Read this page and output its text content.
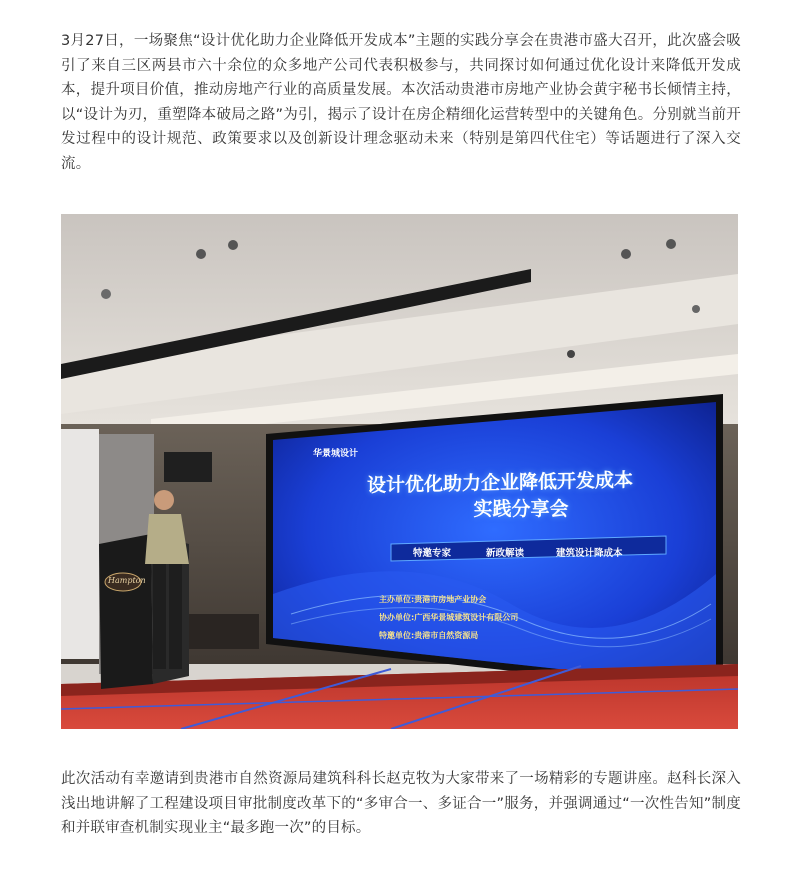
3月27日，一场聚焦“设计优化助力企业降低开发成本”主题的实践分享会在贵港市盛大召开，此次盛会吸引了来自三区两县市六十余位的众多地产公司代表积极参与，共同探讨如何通过优化设计来降低开发成本，提升项目价值，推动房地产行业的高质量发展。本次活动贵港市房地产业协会黄宇秘书长倾情主持，以“设计为刃，重塑降本破局之路”为引，揭示了设计在房企精细化运营转型中的关键角色。分别就当前开发过程中的设计规范、政策要求以及创新设计理念驱动未来（特别是第四代住宅）等话题进行了深入交流。

华景城设计
设计优化助力企业降低开发成本
实践分享会
特邀专家	新政解读	建筑设计降成本
主办单位:贵港市房地产业协会
协办单位:广西华景城建筑设计有限公司
特邀单位:贵港市自然资源局
Hampton

此次活动有幸邀请到贵港市自然资源局建筑科科长赵克牧为大家带来了一场精彩的专题讲座。赵科长深入浅出地讲解了工程建设项目审批制度改革下的“多审合一、多证合一”服务，并强调通过“一次性告知”制度和并联审查机制实现业主“最多跑一次”的目标。
